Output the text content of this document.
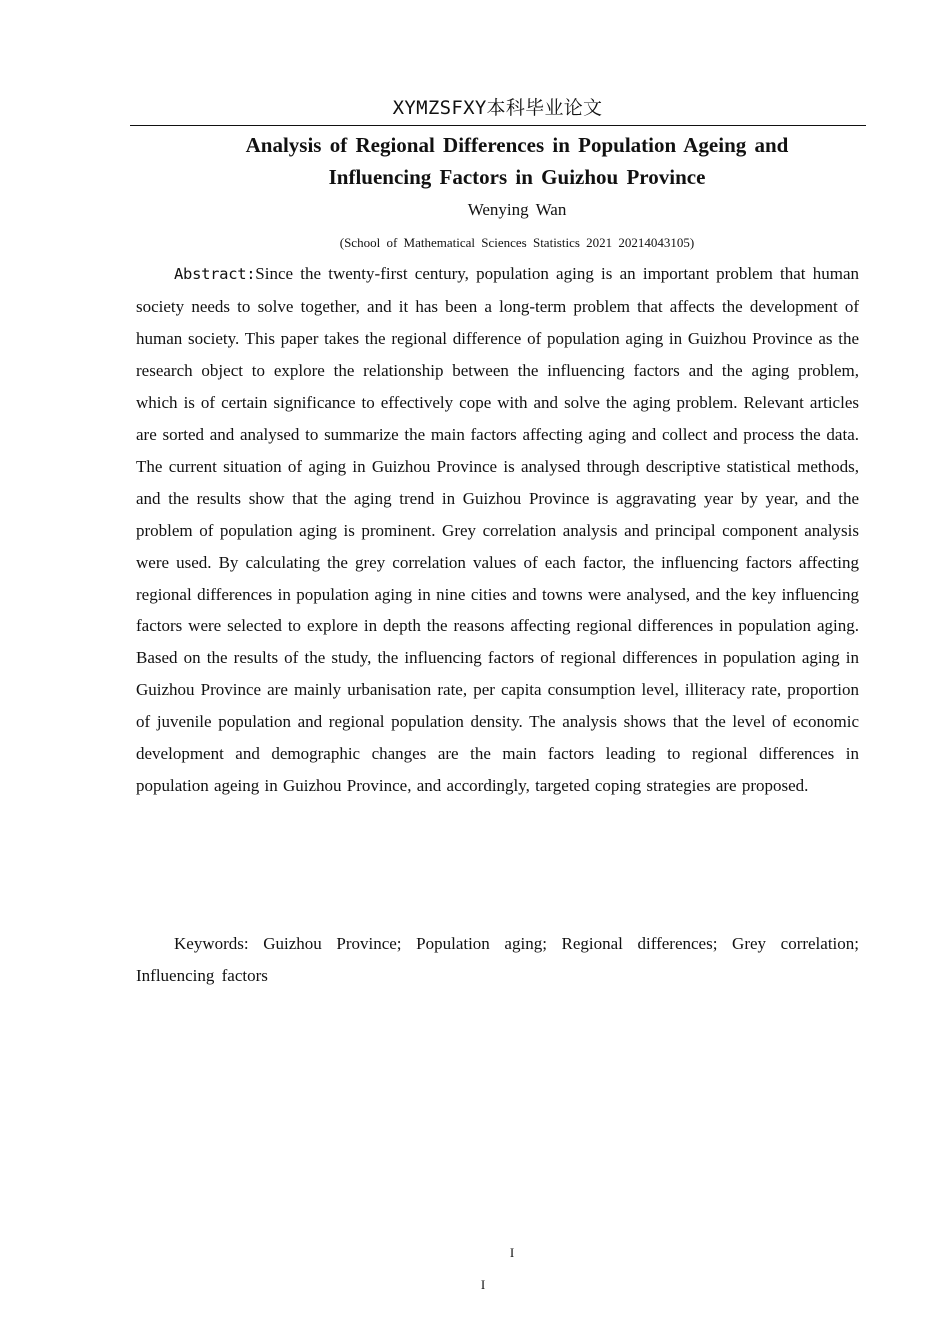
XYMZSFXY本科毕业论文
Analysis of Regional Differences in Population Ageing and
Influencing Factors in Guizhou Province
Wenying Wan
(School of Mathematical Sciences Statistics 2021 20214043105)

Abstract:Since the twenty-first century, population aging is an important problem that human society needs to solve together, and it has been a long-term problem that affects the development of human society. This paper takes the regional difference of population aging in Guizhou Province as the research object to explore the relationship between the influencing factors and the aging problem, which is of certain significance to effectively cope with and solve the aging problem. Relevant articles are sorted and analysed to summarize the main factors affecting aging and collect and process the data. The current situation of aging in Guizhou Province is analysed through descriptive statistical methods, and the results show that the aging trend in Guizhou Province is aggravating year by year, and the problem of population aging is prominent. Grey correlation analysis and principal component analysis were used. By calculating the grey correlation values of each factor, the influencing factors affecting regional differences in population aging in nine cities and towns were analysed, and the key influencing factors were selected to explore in depth the reasons affecting regional differences in population aging. Based on the results of the study, the influencing factors of regional differences in population aging in Guizhou Province are mainly urbanisation rate, per capita consumption level, illiteracy rate, proportion of juvenile population and regional population density. The analysis shows that the level of economic development and demographic changes are the main factors leading to regional differences in population ageing in Guizhou Province, and accordingly, targeted coping strategies are proposed.

Keywords: Guizhou Province; Population aging; Regional differences; Grey correlation; Influencing factors

I
I
